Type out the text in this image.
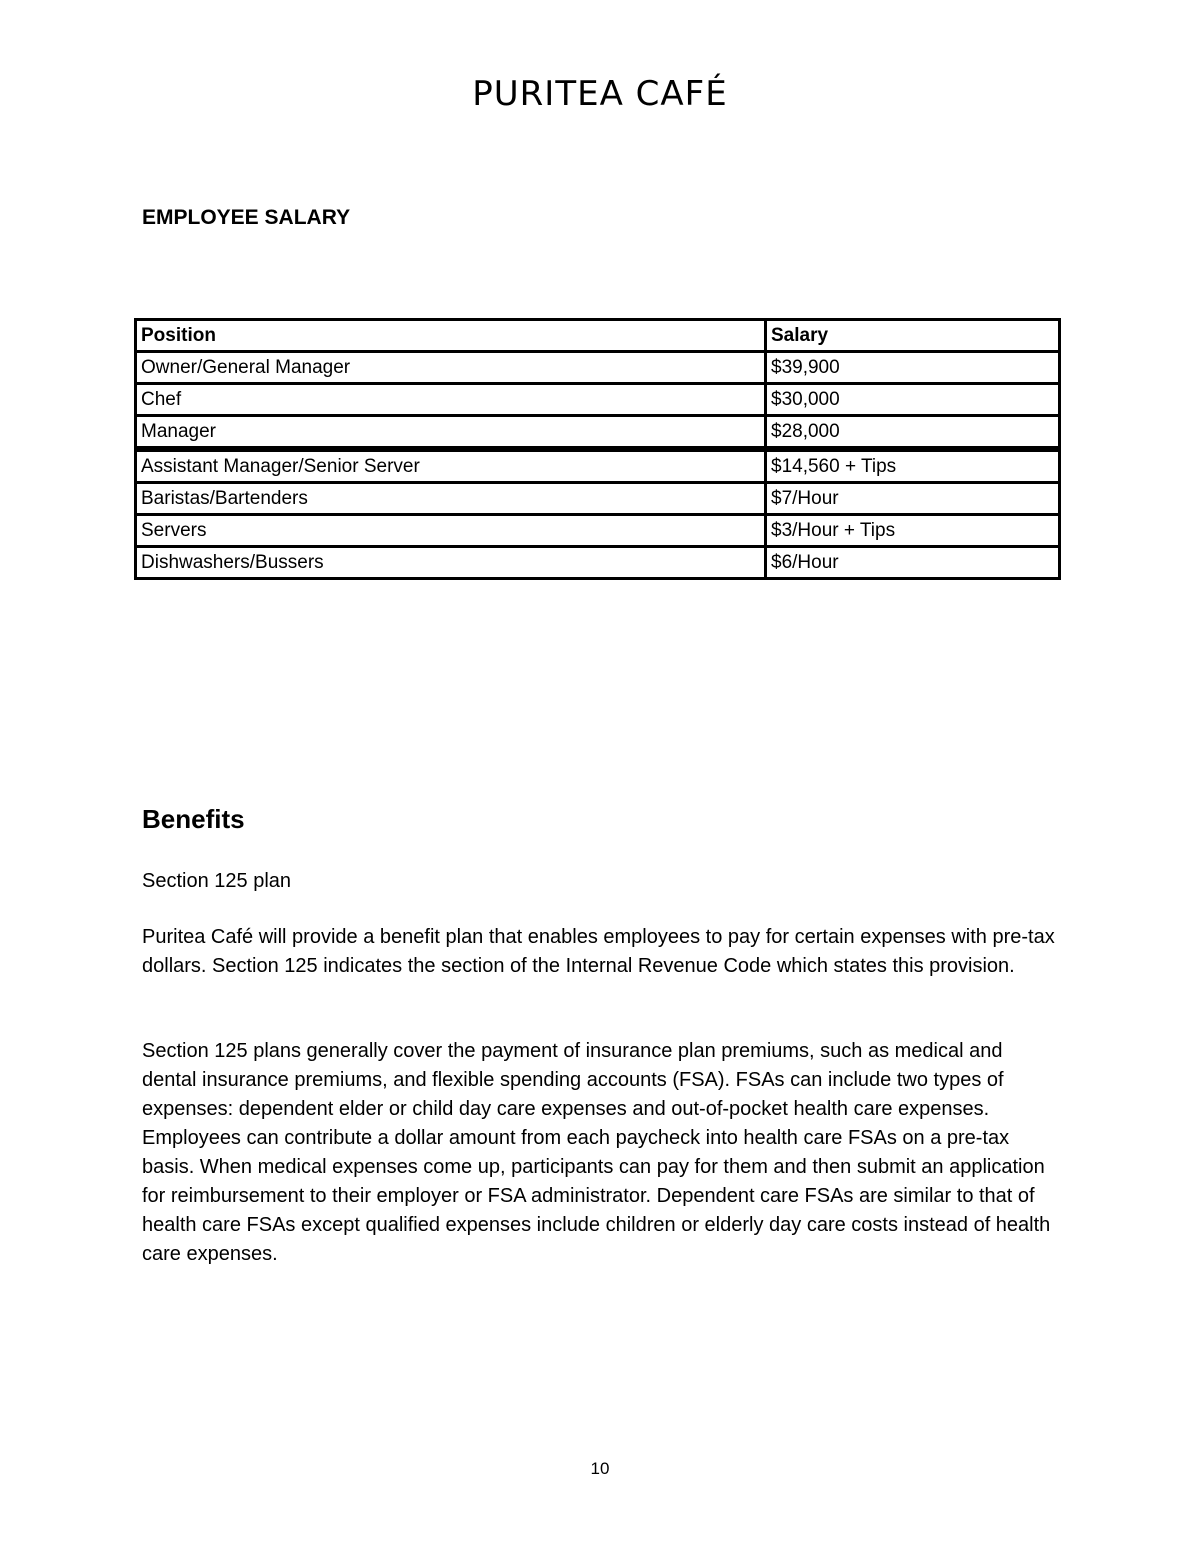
PURITEA CAFÉ
EMPLOYEE SALARY
Position	Salary
Owner/General Manager	$39,900
Chef	$30,000
Manager	$28,000
Assistant Manager/Senior Server	$14,560 + Tips
Baristas/Bartenders	$7/Hour
Servers	$3/Hour + Tips
Dishwashers/Bussers	$6/Hour
Benefits
Section 125 plan

Puritea Café will provide a benefit plan that enables employees to pay for certain expenses with pre-tax dollars. Section 125 indicates the section of the Internal Revenue Code which states this provision.

Section 125 plans generally cover the payment of insurance plan premiums, such as medical and dental insurance premiums, and flexible spending accounts (FSA). FSAs can include two types of expenses: dependent elder or child day care expenses and out-of-pocket health care expenses. Employees can contribute a dollar amount from each paycheck into health care FSAs on a pre-tax basis. When medical expenses come up, participants can pay for them and then submit an application for reimbursement to their employer or FSA administrator. Dependent care FSAs are similar to that of health care FSAs except qualified expenses include children or elderly day care costs instead of health care expenses.

10
